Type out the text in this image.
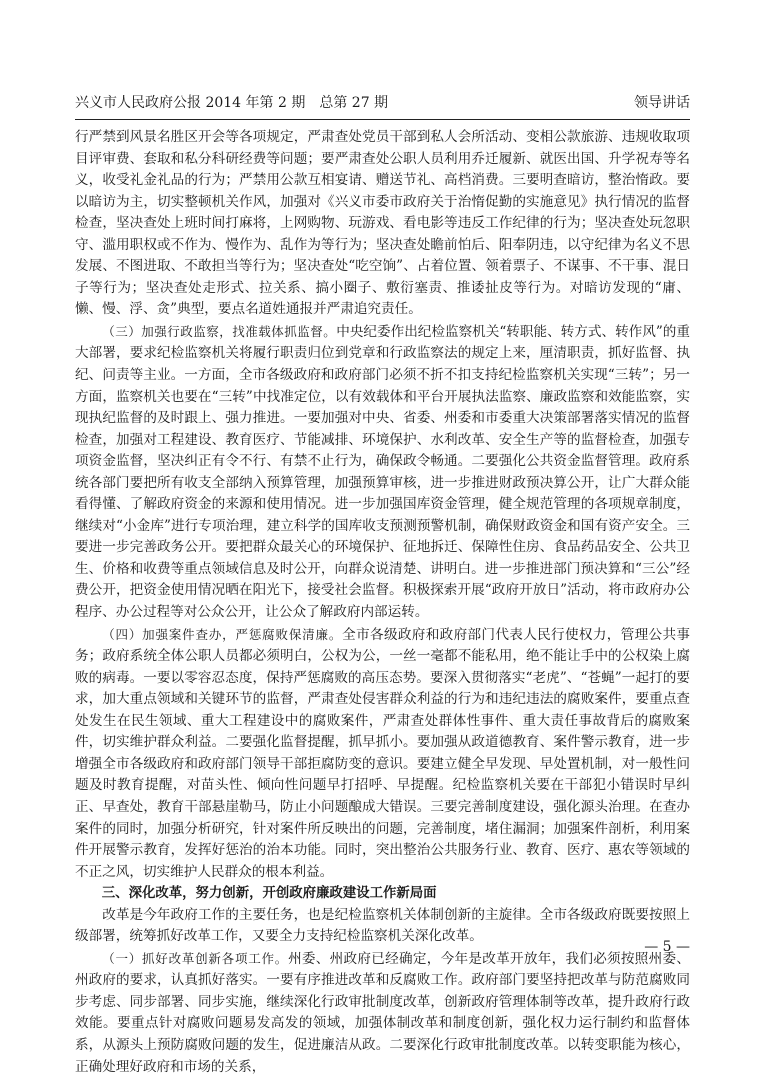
兴义市人民政府公报 2014 年第 2 期　总第 27 期	领导讲话

行严禁到风景名胜区开会等各项规定，严肃查处党员干部到私人会所活动、变相公款旅游、违规收取项目评审费、套取和私分科研经费等问题；要严肃查处公职人员利用乔迁履新、就医出国、升学祝寿等名义，收受礼金礼品的行为；严禁用公款互相宴请、赠送节礼、高档消费。三要明查暗访，整治惰政。要以暗访为主，切实整顿机关作风，加强对《兴义市委市政府关于治惰促勤的实施意见》执行情况的监督检查，坚决查处上班时间打麻将，上网购物、玩游戏、看电影等违反工作纪律的行为；坚决查处玩忽职守、滥用职权或不作为、慢作为、乱作为等行为；坚决查处瞻前怕后、阳奉阴违，以守纪律为名义不思发展、不图进取、不敢担当等行为；坚决查处“吃空饷”、占着位置、领着票子、不谋事、不干事、混日子等行为；坚决查处走形式、拉关系、搞小圈子、敷衍塞责、推诿扯皮等行为。对暗访发现的“庸、懒、慢、浮、贪”典型，要点名道姓通报并严肃追究责任。

（三）加强行政监察，找准载体抓监督。中央纪委作出纪检监察机关“转职能、转方式、转作风”的重大部署，要求纪检监察机关将履行职责归位到党章和行政监察法的规定上来，厘清职责，抓好监督、执纪、问责等主业。一方面，全市各级政府和政府部门必须不折不扣支持纪检监察机关实现“三转”；另一方面，监察机关也要在“三转”中找准定位，以有效载体和平台开展执法监察、廉政监察和效能监察，实现执纪监督的及时跟上、强力推进。一要加强对中央、省委、州委和市委重大决策部署落实情况的监督检查，加强对工程建设、教育医疗、节能减排、环境保护、水利改革、安全生产等的监督检查，加强专项资金监督，坚决纠正有令不行、有禁不止行为，确保政令畅通。二要强化公共资金监督管理。政府系统各部门要把所有收支全部纳入预算管理，加强预算审核，进一步推进财政预决算公开，让广大群众能看得懂、了解政府资金的来源和使用情况。进一步加强国库资金管理，健全规范管理的各项规章制度，继续对“小金库”进行专项治理，建立科学的国库收支预测预警机制，确保财政资金和国有资产安全。三要进一步完善政务公开。要把群众最关心的环境保护、征地拆迁、保障性住房、食品药品安全、公共卫生、价格和收费等重点领域信息及时公开，向群众说清楚、讲明白。进一步推进部门预决算和“三公”经费公开，把资金使用情况晒在阳光下，接受社会监督。积极探索开展“政府开放日”活动，将市政府办公程序、办公过程等对公众公开，让公众了解政府内部运转。

（四）加强案件查办，严惩腐败保清廉。全市各级政府和政府部门代表人民行使权力，管理公共事务；政府系统全体公职人员都必须明白，公权为公，一丝一毫都不能私用，绝不能让手中的公权染上腐败的病毒。一要以零容忍态度，保持严惩腐败的高压态势。要深入贯彻落实“老虎”、“苍蝇”一起打的要求，加大重点领域和关键环节的监督，严肃查处侵害群众利益的行为和违纪违法的腐败案件，要重点查处发生在民生领域、重大工程建设中的腐败案件，严肃查处群体性事件、重大责任事故背后的腐败案件，切实维护群众利益。二要强化监督提醒，抓早抓小。要加强从政道德教育、案件警示教育，进一步增强全市各级政府和政府部门领导干部拒腐防变的意识。要建立健全早发现、早处置机制，对一般性问题及时教育提醒，对苗头性、倾向性问题早打招呼、早提醒。纪检监察机关要在干部犯小错误时早纠正、早查处，教育干部悬崖勒马，防止小问题酿成大错误。三要完善制度建设，强化源头治理。在查办案件的同时，加强分析研究，针对案件所反映出的问题，完善制度，堵住漏洞；加强案件剖析，利用案件开展警示教育，发挥好惩治的治本功能。同时，突出整治公共服务行业、教育、医疗、惠农等领域的不正之风，切实维护人民群众的根本利益。

三、深化改革，努力创新，开创政府廉政建设工作新局面

改革是今年政府工作的主要任务，也是纪检监察机关体制创新的主旋律。全市各级政府既要按照上级部署，统筹抓好改革工作，又要全力支持纪检监察机关深化改革。

（一）抓好改革创新各项工作。州委、州政府已经确定，今年是改革开放年，我们必须按照州委、州政府的要求，认真抓好落实。一要有序推进改革和反腐败工作。政府部门要坚持把改革与防范腐败同步考虑、同步部署、同步实施，继续深化行政审批制度改革，创新政府管理体制等改革，提升政府行政效能。要重点针对腐败问题易发高发的领域，加强体制改革和制度创新，强化权力运行制约和监督体系，从源头上预防腐败问题的发生，促进廉洁从政。二要深化行政审批制度改革。以转变职能为核心，正确处理好政府和市场的关系，

— 5 —
